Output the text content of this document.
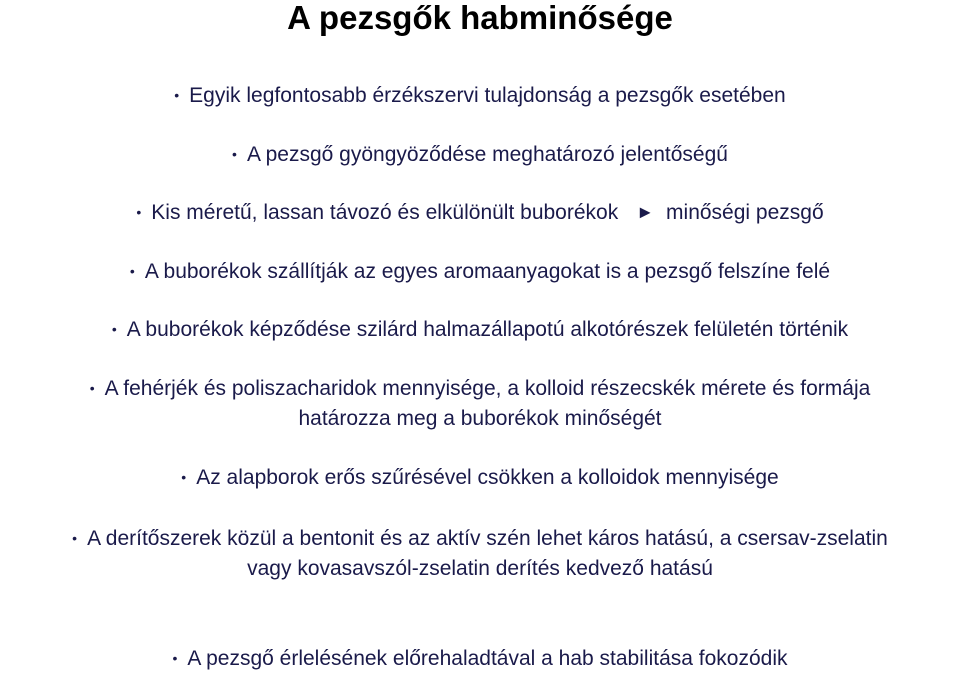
A pezsgők habminősége
• Egyik legfontosabb érzékszervi tulajdonság a pezsgők esetében
• A pezsgő gyöngyöződése meghatározó jelentőségű
• Kis méretű, lassan távozó és elkülönült buborékok ► minőségi pezsgő
• A buborékok szállítják az egyes aromaanyagokat is a pezsgő felszíne felé
• A buborékok képződése szilárd halmazállapotú alkotórészek felületén történik
• A fehérjék és poliszacharidok mennyisége, a kolloid részecskék mérete és formája
határozza meg a buborékok minőségét
• Az alapborok erős szűrésével csökken a kolloidok mennyisége
• A derítőszerek közül a bentonit és az aktív szén lehet káros hatású, a csersav-zselatin
vagy kovasavszól-zselatin derítés kedvező hatású
• A pezsgő érlelésének előrehaladtával a hab stabilitása fokozódik
